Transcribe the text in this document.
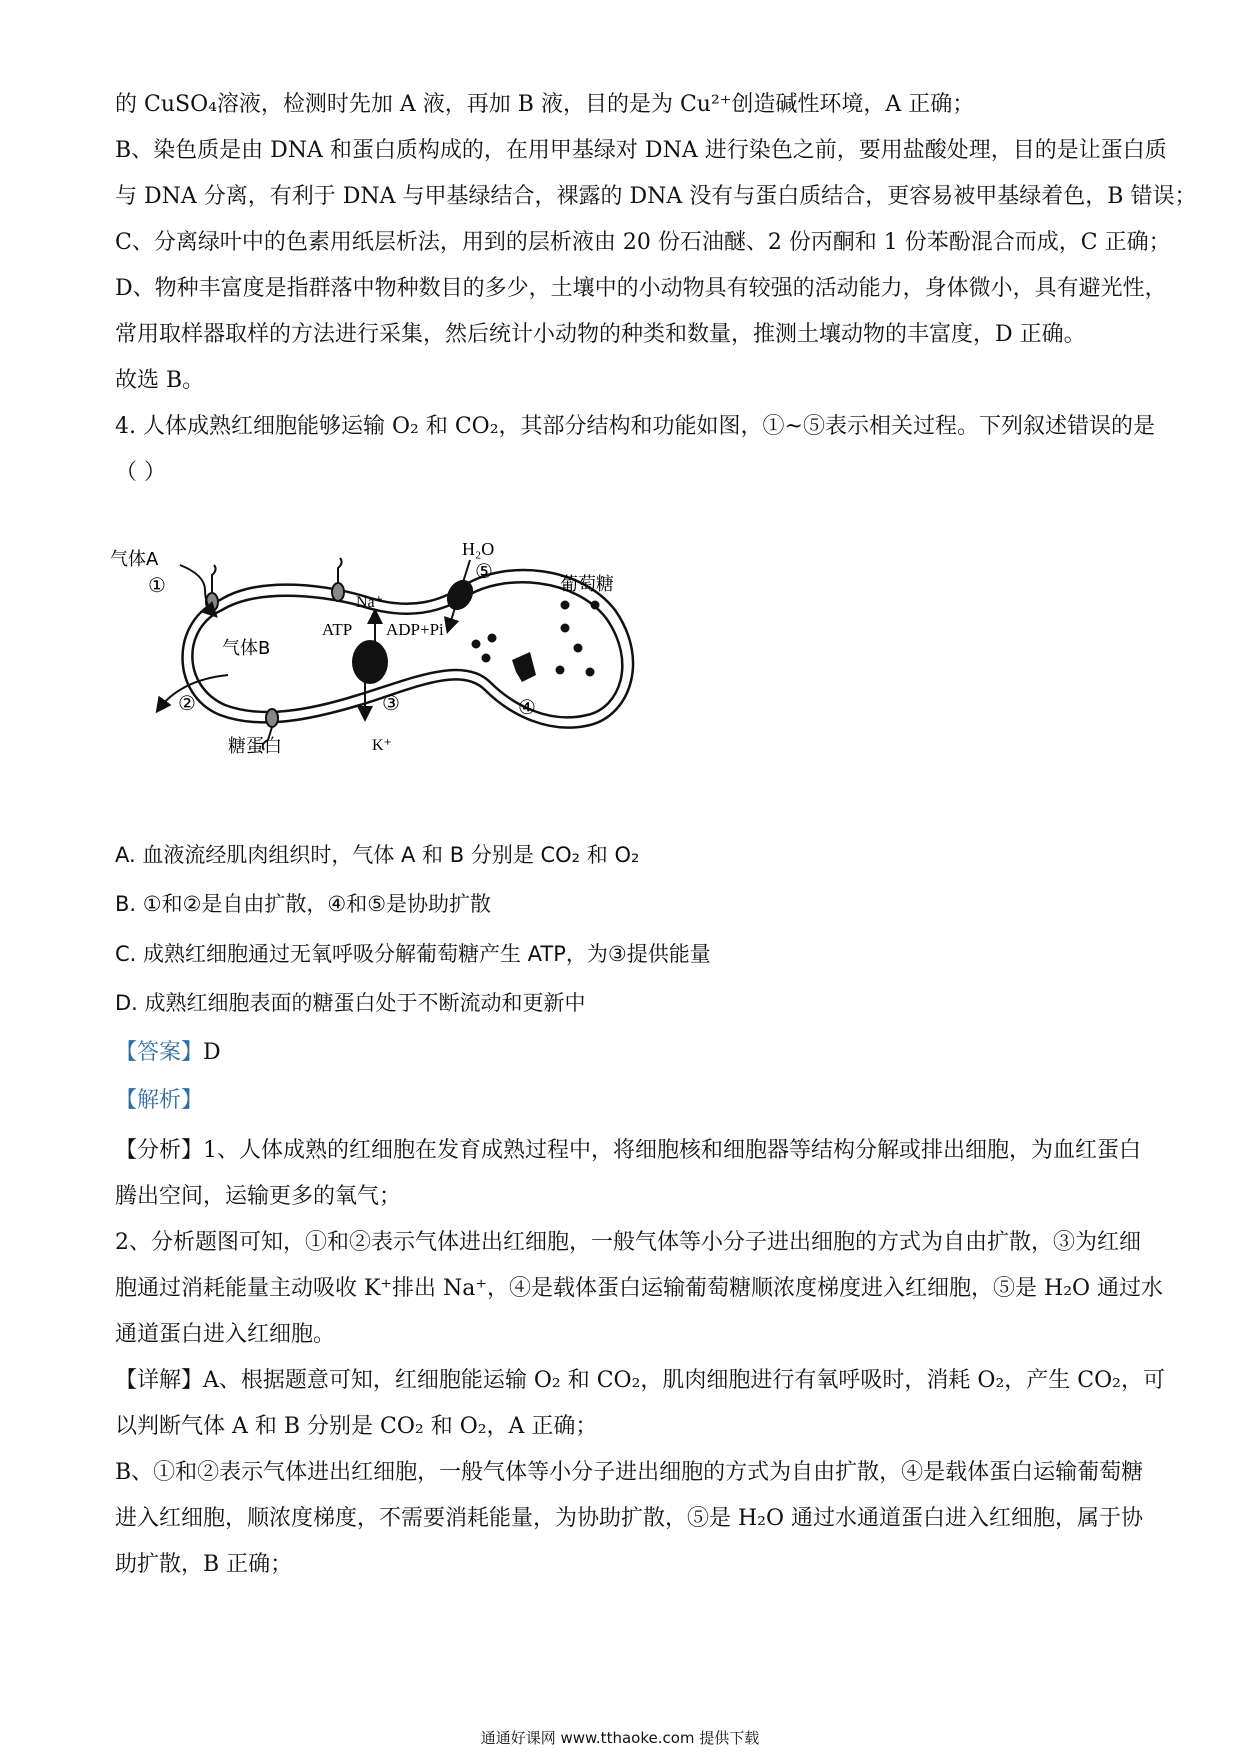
的 CuSO₄溶液，检测时先加 A 液，再加 B 液，目的是为 Cu²⁺创造碱性环境，A 正确；
B、染色质是由 DNA 和蛋白质构成的，在用甲基绿对 DNA 进行染色之前，要用盐酸处理，目的是让蛋白质
与 DNA 分离，有利于 DNA 与甲基绿结合，裸露的 DNA 没有与蛋白质结合，更容易被甲基绿着色，B 错误；
C、分离绿叶中的色素用纸层析法，用到的层析液由 20 份石油醚、2 份丙酮和 1 份苯酚混合而成，C 正确；
D、物种丰富度是指群落中物种数目的多少，土壤中的小动物具有较强的活动能力，身体微小，具有避光性，
常用取样器取样的方法进行采集，然后统计小动物的种类和数量，推测土壤动物的丰富度，D 正确。
故选 B。
4. 人体成熟红细胞能够运输 O₂ 和 CO₂，其部分结构和功能如图，①~⑤表示相关过程。下列叙述错误的是
（ ）
H₂O
⑤
气体A
①
气体B
②
糖蛋白
Na⁺
ATP ADP+Pi
③
K⁺
葡萄糖
④
A. 血液流经肌肉组织时，气体 A 和 B 分别是 CO₂ 和 O₂
B. ①和②是自由扩散，④和⑤是协助扩散
C. 成熟红细胞通过无氧呼吸分解葡萄糖产生 ATP，为③提供能量
D. 成熟红细胞表面的糖蛋白处于不断流动和更新中
【答案】D
【解析】
【分析】1、人体成熟的红细胞在发育成熟过程中，将细胞核和细胞器等结构分解或排出细胞，为血红蛋白
腾出空间，运输更多的氧气；
2、分析题图可知，①和②表示气体进出红细胞，一般气体等小分子进出细胞的方式为自由扩散，③为红细
胞通过消耗能量主动吸收 K⁺排出 Na⁺，④是载体蛋白运输葡萄糖顺浓度梯度进入红细胞，⑤是 H₂O 通过水
通道蛋白进入红细胞。
【详解】A、根据题意可知，红细胞能运输 O₂ 和 CO₂，肌肉细胞进行有氧呼吸时，消耗 O₂，产生 CO₂，可
以判断气体 A 和 B 分别是 CO₂ 和 O₂，A 正确；
B、①和②表示气体进出红细胞，一般气体等小分子进出细胞的方式为自由扩散，④是载体蛋白运输葡萄糖
进入红细胞，顺浓度梯度，不需要消耗能量，为协助扩散，⑤是 H₂O 通过水通道蛋白进入红细胞，属于协
助扩散，B 正确；
通通好课网 www.tthaoke.com 提供下载
